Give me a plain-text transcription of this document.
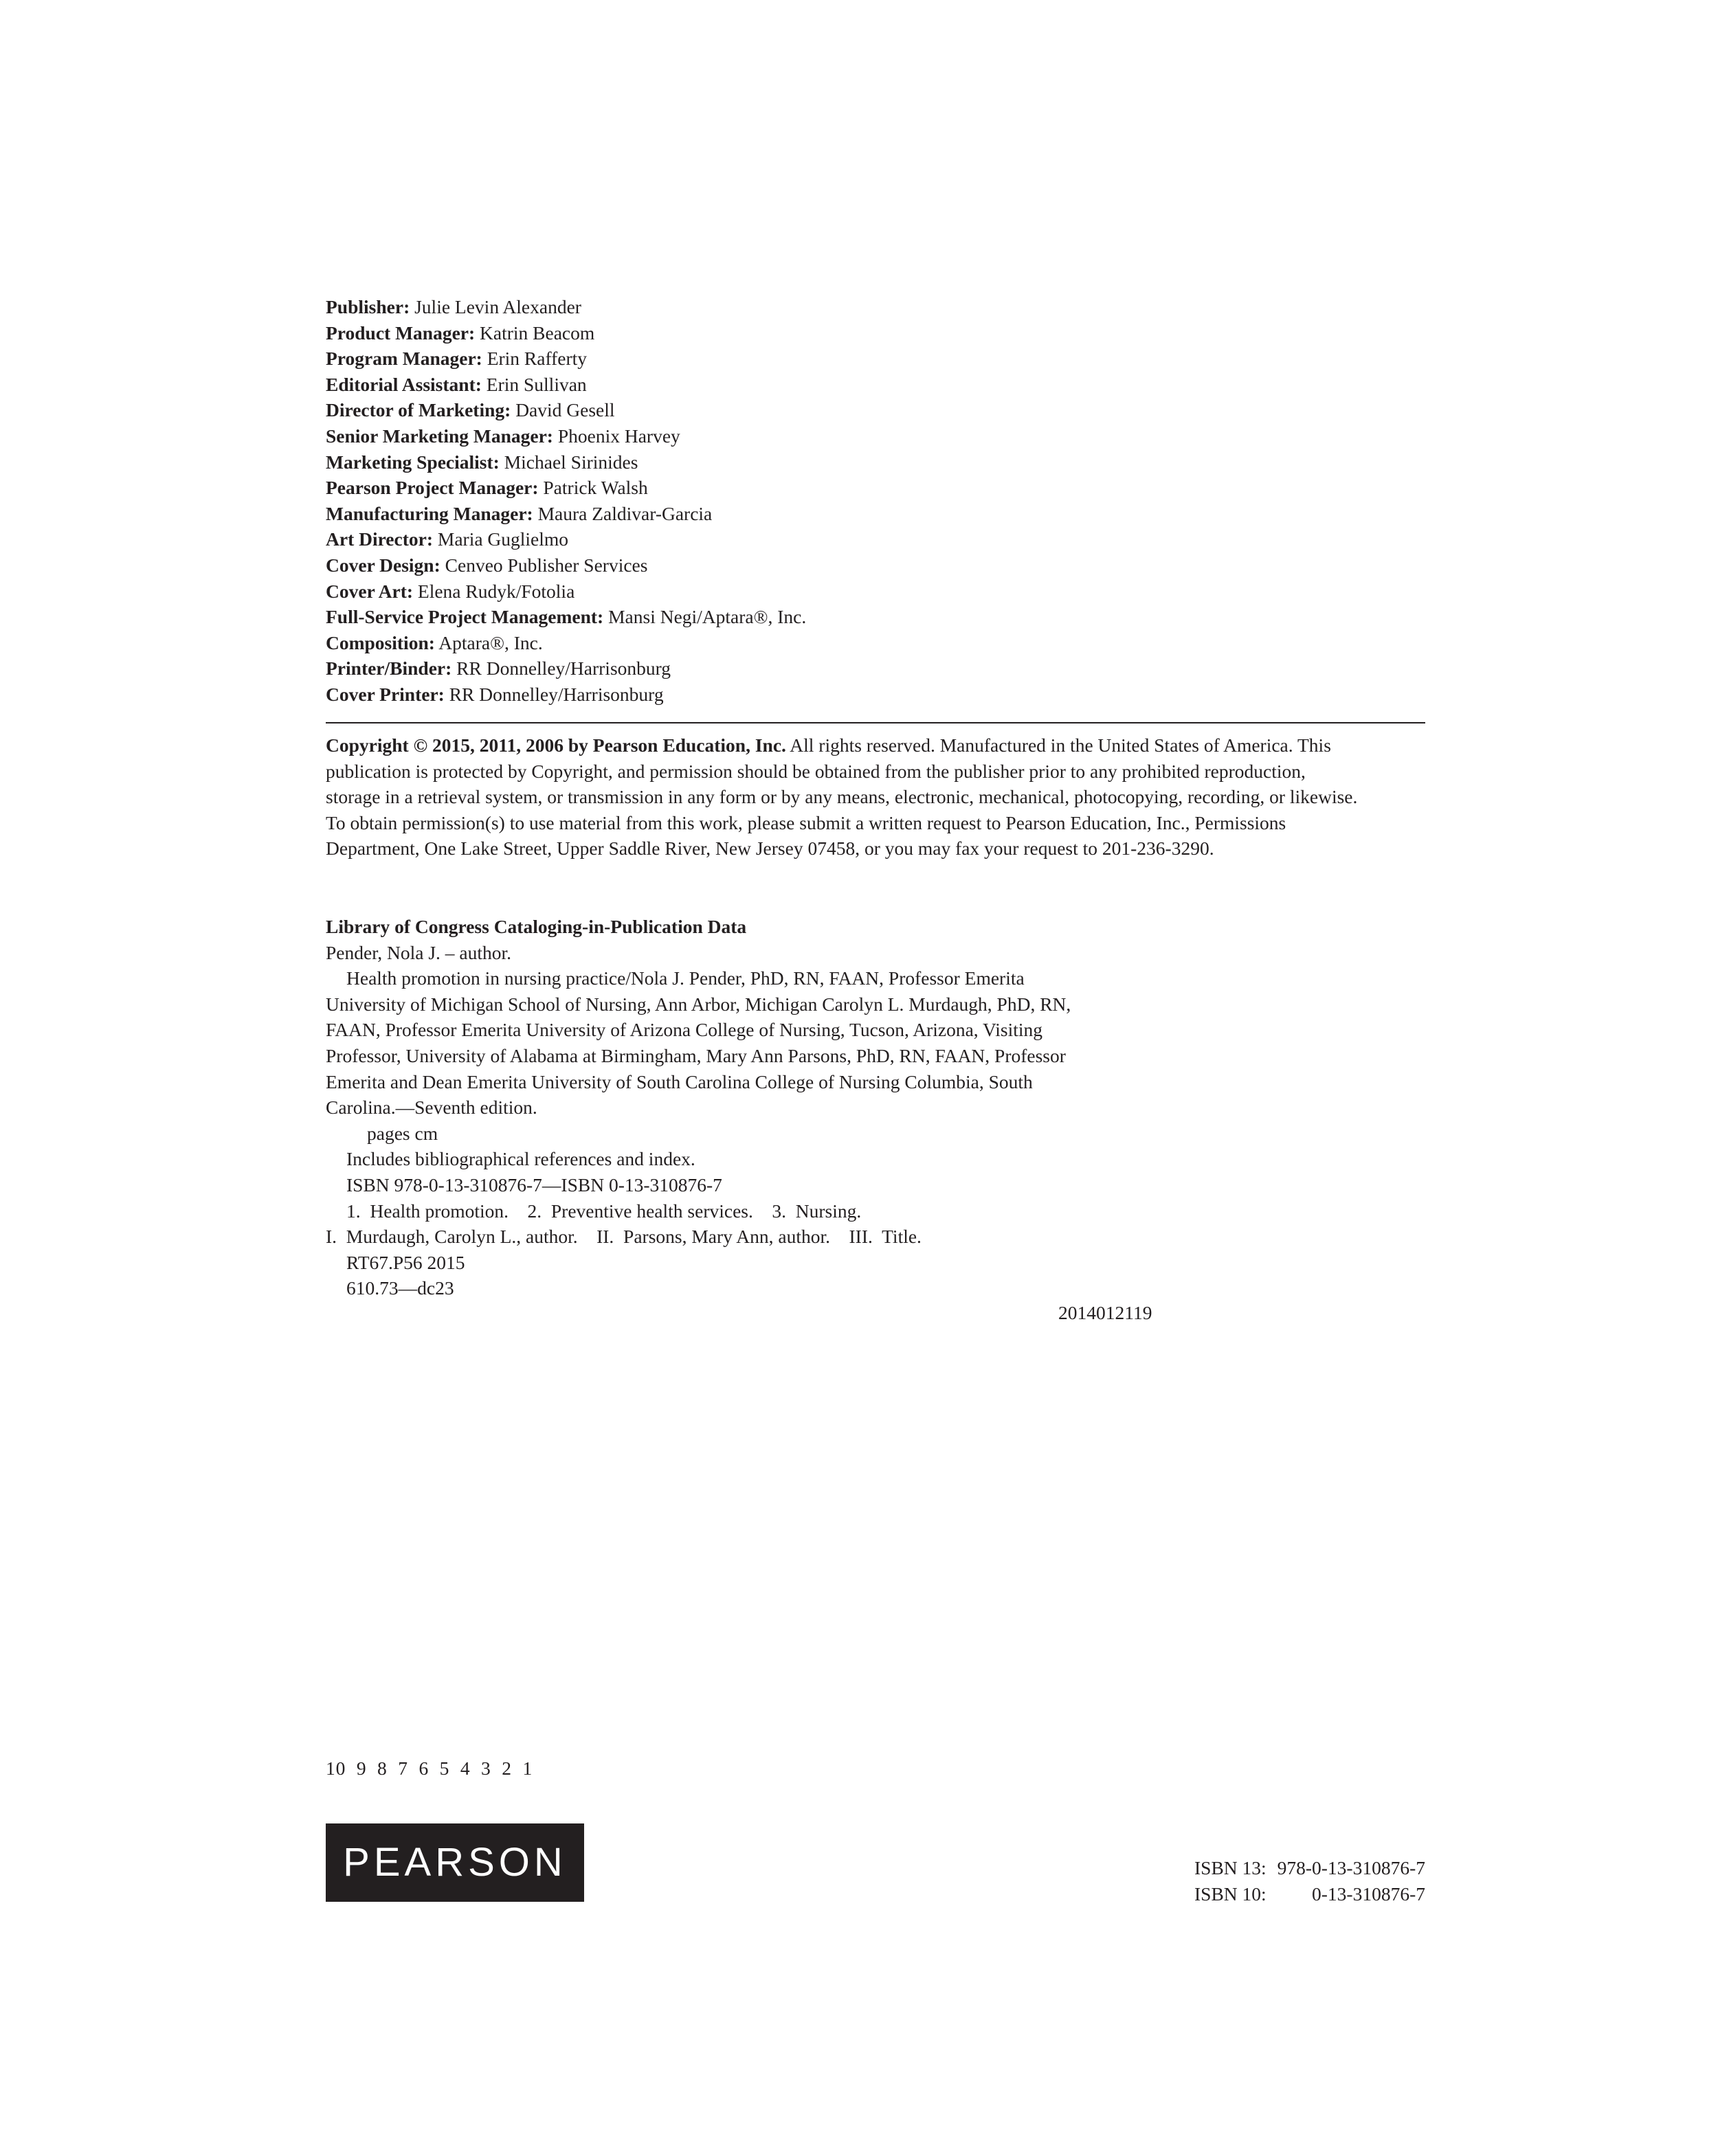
Publisher: Julie Levin Alexander
Product Manager: Katrin Beacom
Program Manager: Erin Rafferty
Editorial Assistant: Erin Sullivan
Director of Marketing: David Gesell
Senior Marketing Manager: Phoenix Harvey
Marketing Specialist: Michael Sirinides
Pearson Project Manager: Patrick Walsh
Manufacturing Manager: Maura Zaldivar-Garcia
Art Director: Maria Guglielmo
Cover Design: Cenveo Publisher Services
Cover Art: Elena Rudyk/Fotolia
Full-Service Project Management: Mansi Negi/Aptara®, Inc.
Composition: Aptara®, Inc.
Printer/Binder: RR Donnelley/Harrisonburg
Cover Printer: RR Donnelley/Harrisonburg
Copyright © 2015, 2011, 2006 by Pearson Education, Inc. All rights reserved. Manufactured in the United States of America. This
publication is protected by Copyright, and permission should be obtained from the publisher prior to any prohibited reproduction,
storage in a retrieval system, or transmission in any form or by any means, electronic, mechanical, photocopying, recording, or likewise.
To obtain permission(s) to use material from this work, please submit a written request to Pearson Education, Inc., Permissions
Department, One Lake Street, Upper Saddle River, New Jersey 07458, or you may fax your request to 201-236-3290.
Library of Congress Cataloging-in-Publication Data
Pender, Nola J. – author.
Health promotion in nursing practice/Nola J. Pender, PhD, RN, FAAN, Professor Emerita
University of Michigan School of Nursing, Ann Arbor, Michigan Carolyn L. Murdaugh, PhD, RN,
FAAN, Professor Emerita University of Arizona College of Nursing, Tucson, Arizona, Visiting
Professor, University of Alabama at Birmingham, Mary Ann Parsons, PhD, RN, FAAN, Professor
Emerita and Dean Emerita University of South Carolina College of Nursing Columbia, South
Carolina.—Seventh edition.
pages cm
Includes bibliographical references and index.
ISBN 978-0-13-310876-7—ISBN 0-13-310876-7
1.  Health promotion.    2.  Preventive health services.    3.  Nursing.
I.  Murdaugh, Carolyn L., author.    II.  Parsons, Mary Ann, author.    III.  Title.
RT67.P56 2015
610.73—dc23
2014012119
10  9  8  7  6  5  4  3  2  1
PEARSON	ISBN 13: 978-0-13-310876-7
ISBN 10: 0-13-310876-7
